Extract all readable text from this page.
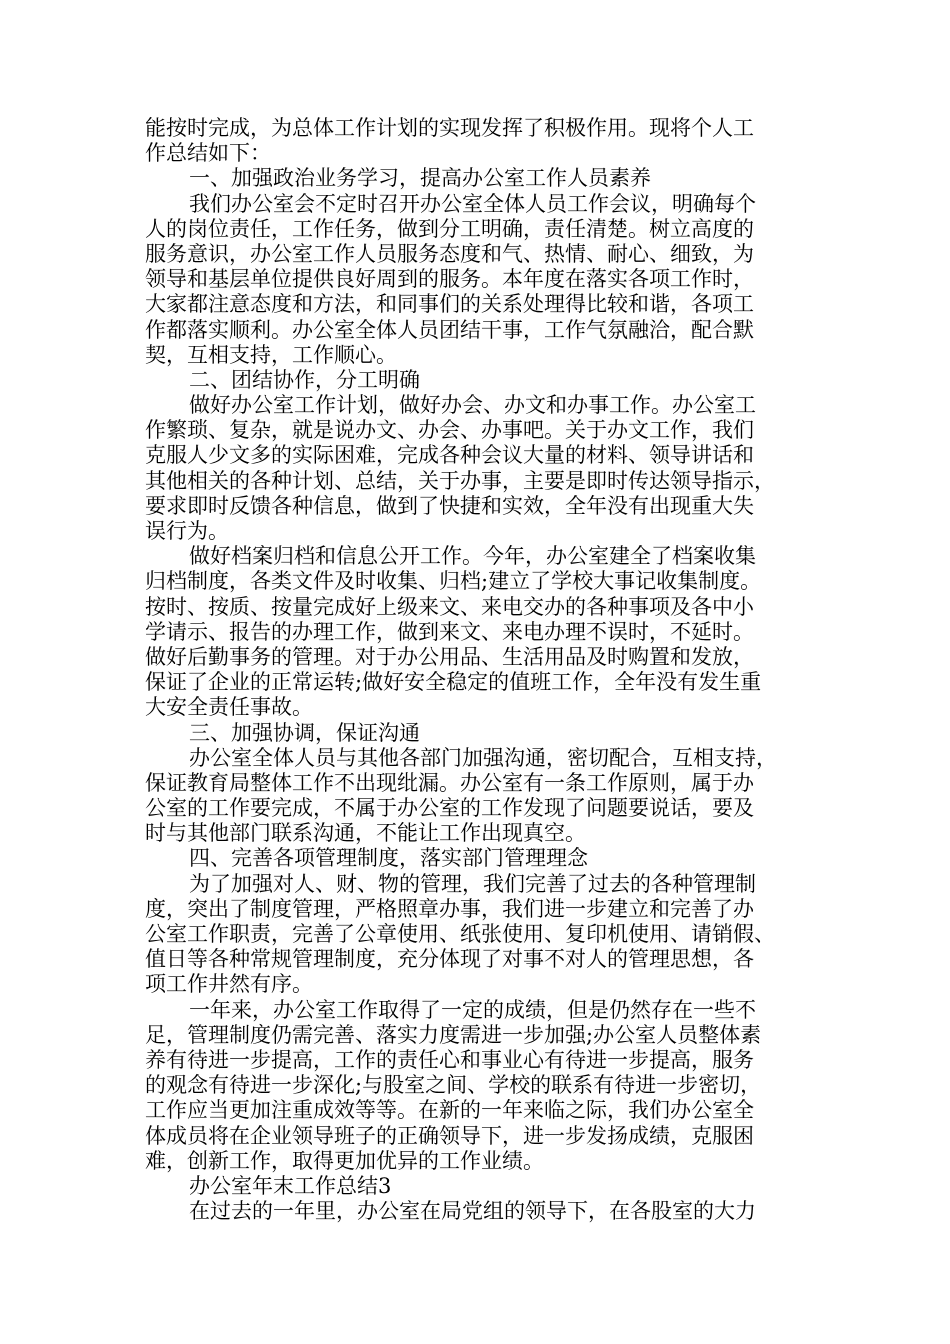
能按时完成，为总体工作计划的实现发挥了积极作用。现将个人工
作总结如下：
一、加强政治业务学习，提高办公室工作人员素养
我们办公室会不定时召开办公室全体人员工作会议，明确每个
人的岗位责任，工作任务，做到分工明确，责任清楚。树立高度的
服务意识，办公室工作人员服务态度和气、热情、耐心、细致，为
领导和基层单位提供良好周到的服务。本年度在落实各项工作时，
大家都注意态度和方法，和同事们的关系处理得比较和谐，各项工
作都落实顺利。办公室全体人员团结干事，工作气氛融洽，配合默
契，互相支持，工作顺心。
二、团结协作，分工明确
做好办公室工作计划，做好办会、办文和办事工作。办公室工
作繁琐、复杂，就是说办文、办会、办事吧。关于办文工作，我们
克服人少文多的实际困难，完成各种会议大量的材料、领导讲话和
其他相关的各种计划、总结，关于办事，主要是即时传达领导指示，
要求即时反馈各种信息，做到了快捷和实效，全年没有出现重大失
误行为。
做好档案归档和信息公开工作。今年，办公室建全了档案收集
归档制度，各类文件及时收集、归档;建立了学校大事记收集制度。
按时、按质、按量完成好上级来文、来电交办的各种事项及各中小
学请示、报告的办理工作，做到来文、来电办理不误时，不延时。
做好后勤事务的管理。对于办公用品、生活用品及时购置和发放，
保证了企业的正常运转;做好安全稳定的值班工作，全年没有发生重
大安全责任事故。
三、加强协调，保证沟通
办公室全体人员与其他各部门加强沟通，密切配合，互相支持，
保证教育局整体工作不出现纰漏。办公室有一条工作原则，属于办
公室的工作要完成，不属于办公室的工作发现了问题要说话，要及
时与其他部门联系沟通，不能让工作出现真空。
四、完善各项管理制度，落实部门管理理念
为了加强对人、财、物的管理，我们完善了过去的各种管理制
度，突出了制度管理，严格照章办事，我们进一步建立和完善了办
公室工作职责，完善了公章使用、纸张使用、复印机使用、请销假、
值日等各种常规管理制度，充分体现了对事不对人的管理思想，各
项工作井然有序。
一年来，办公室工作取得了一定的成绩，但是仍然存在一些不
足，管理制度仍需完善、落实力度需进一步加强;办公室人员整体素
养有待进一步提高，工作的责任心和事业心有待进一步提高，服务
的观念有待进一步深化;与股室之间、学校的联系有待进一步密切，
工作应当更加注重成效等等。在新的一年来临之际，我们办公室全
体成员将在企业领导班子的正确领导下，进一步发扬成绩，克服困
难，创新工作，取得更加优异的工作业绩。
办公室年末工作总结3
在过去的一年里，办公室在局党组的领导下，在各股室的大力
